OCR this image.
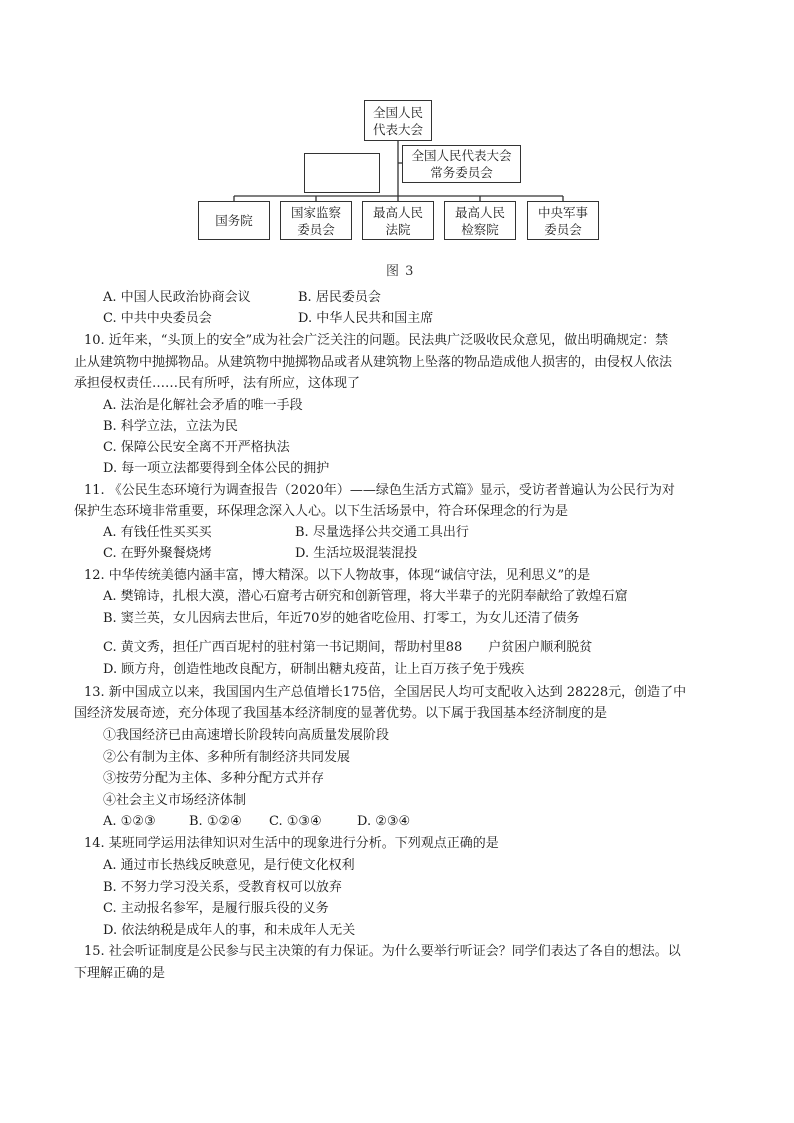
全国人民
代表大会
全国人民代表大会
常务委员会
国务院
国家监察
委员会
最高人民
法院
最高人民
检察院
中央军事
委员会
图 3
A. 中国人民政治协商会议	B. 居民委员会
C. 中共中央委员会	D. 中华人民共和国主席
10. 近年来，“头顶上的安全”成为社会广泛关注的问题。民法典广泛吸收民众意见，做出明确规定：禁
止从建筑物中抛掷物品。从建筑物中抛掷物品或者从建筑物上坠落的物品造成他人损害的，由侵权人依法
承担侵权责任……民有所呼，法有所应，这体现了
A. 法治是化解社会矛盾的唯一手段
B. 科学立法，立法为民
C. 保障公民安全离不开严格执法
D. 每一项立法都要得到全体公民的拥护
11. 《公民生态环境行为调查报告（2020年）——绿色生活方式篇》显示，受访者普遍认为公民行为对
保护生态环境非常重要，环保理念深入人心。以下生活场景中，符合环保理念的行为是
A. 有钱任性买买买	B. 尽量选择公共交通工具出行
C. 在野外聚餐烧烤	D. 生活垃圾混装混投
12. 中华传统美德内涵丰富，博大精深。以下人物故事，体现“诚信守法，见利思义”的是
A. 樊锦诗，扎根大漠，潜心石窟考古研究和创新管理，将大半辈子的光阴奉献给了敦煌石窟
B. 窦兰英，女儿因病去世后，年近70岁的她省吃俭用、打零工，为女儿还清了债务
C. 黄文秀，担任广西百坭村的驻村第一书记期间，帮助村里88　　户贫困户顺利脱贫
D. 顾方舟，创造性地改良配方，研制出糖丸疫苗，让上百万孩子免于残疾
13. 新中国成立以来，我国国内生产总值增长175倍，全国居民人均可支配收入达到 28228元，创造了中
国经济发展奇迹，充分体现了我国基本经济制度的显著优势。以下属于我国基本经济制度的是
①我国经济已由高速增长阶段转向高质量发展阶段
②公有制为主体、多种所有制经济共同发展
③按劳分配为主体、多种分配方式并存
④社会主义市场经济体制
A. ①②③	B. ①②④ C. ①③④	D. ②③④
14. 某班同学运用法律知识对生活中的现象进行分析。下列观点正确的是
A. 通过市长热线反映意见，是行使文化权利
B. 不努力学习没关系，受教育权可以放弃
C. 主动报名参军，是履行服兵役的义务
D. 依法纳税是成年人的事，和未成年人无关
15. 社会听证制度是公民参与民主决策的有力保证。为什么要举行听证会？同学们表达了各自的想法。以
下理解正确的是
